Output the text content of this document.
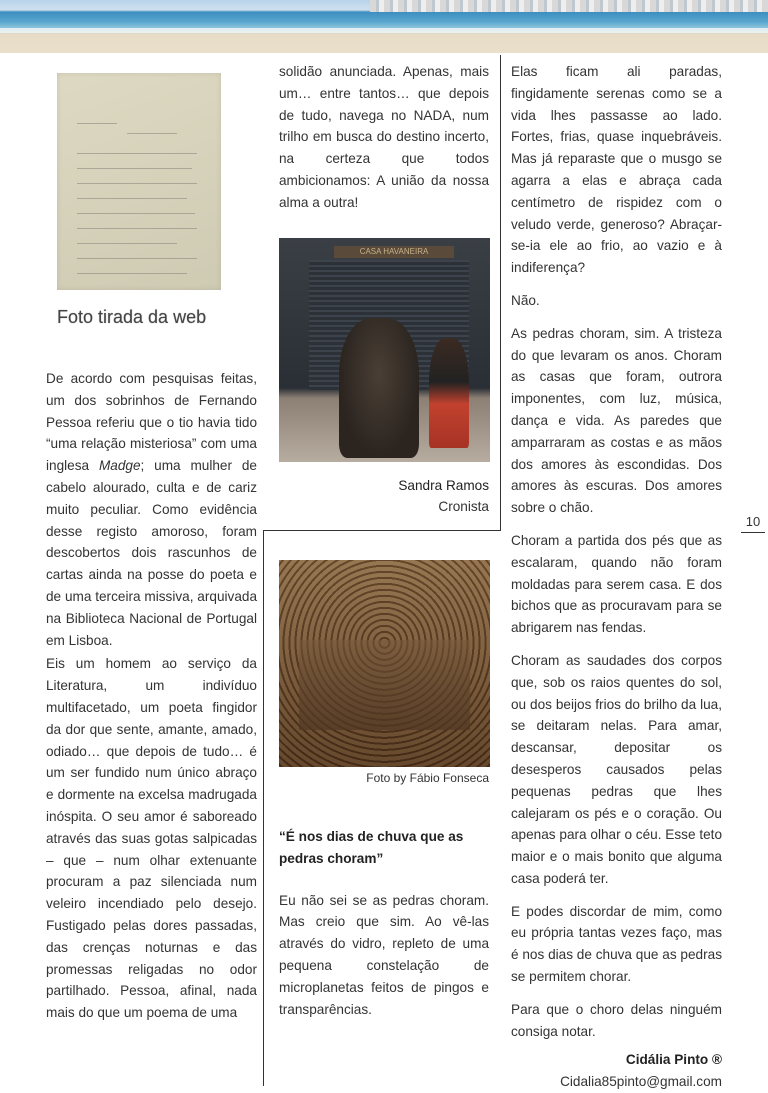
Foto tirada da web

De acordo com pesquisas feitas, um dos sobrinhos de Fernando Pessoa referiu que o tio havia tido “uma relação misteriosa” com uma inglesa Madge; uma mulher de cabelo alourado, culta e de cariz muito peculiar. Como evidência desse registo amoroso, foram descobertos dois rascunhos de cartas ainda na posse do poeta e de uma terceira missiva, arquivada na Biblioteca Nacional de Portugal em Lisboa.

Eis um homem ao serviço da Literatura, um indivíduo multifacetado, um poeta fingidor da dor que sente, amante, amado, odiado… que depois de tudo… é um ser fundido num único abraço e dormente na excelsa madrugada inóspita. O seu amor é saboreado através das suas gotas salpicadas – que – num olhar extenuante procuram a paz silenciada num veleiro incendiado pelo desejo. Fustigado pelas dores passadas, das crenças noturnas e das promessas religadas no odor partilhado. Pessoa, afinal, nada mais do que um poema de uma

solidão anunciada. Apenas, mais um… entre tantos… que depois de tudo, navega no NADA, num trilho em busca do destino incerto, na certeza que todos ambicionamos: A união da nossa alma a outra!
CASA HAVANEIRA
Sandra Ramos
Cronista
Foto by Fábio Fonseca
“É nos dias de chuva que as pedras choram”
Eu não sei se as pedras choram. Mas creio que sim. Ao vê-las através do vidro, repleto de uma pequena constelação de microplanetas feitos de pingos e transparências.

Elas ficam ali paradas, fingidamente serenas como se a vida lhes passasse ao lado. Fortes, frias, quase inquebráveis. Mas já reparaste que o musgo se agarra a elas e abraça cada centímetro de rispidez com o veludo verde, generoso? Abraçar-se-ia ele ao frio, ao vazio e à indiferença?

Não.

As pedras choram, sim. A tristeza do que levaram os anos. Choram as casas que foram, outrora imponentes, com luz, música, dança e vida. As paredes que amparraram as costas e as mãos dos amores às escondidas. Dos amores às escuras. Dos amores sobre o chão.

Choram a partida dos pés que as escalaram, quando não foram moldadas para serem casa. E dos bichos que as procuravam para se abrigarem nas fendas.

Choram as saudades dos corpos que, sob os raios quentes do sol, ou dos beijos frios do brilho da lua, se deitaram nelas. Para amar, descansar, depositar os desesperos causados pelas pequenas pedras que lhes calejaram os pés e o coração. Ou apenas para olhar o céu. Esse teto maior e o mais bonito que alguma casa poderá ter.

E podes discordar de mim, como eu própria tantas vezes faço, mas é nos dias de chuva que as pedras se permitem chorar.

Para que o choro delas ninguém consiga notar.

Cidália Pinto ®
Cidalia85pinto@gmail.com
10
